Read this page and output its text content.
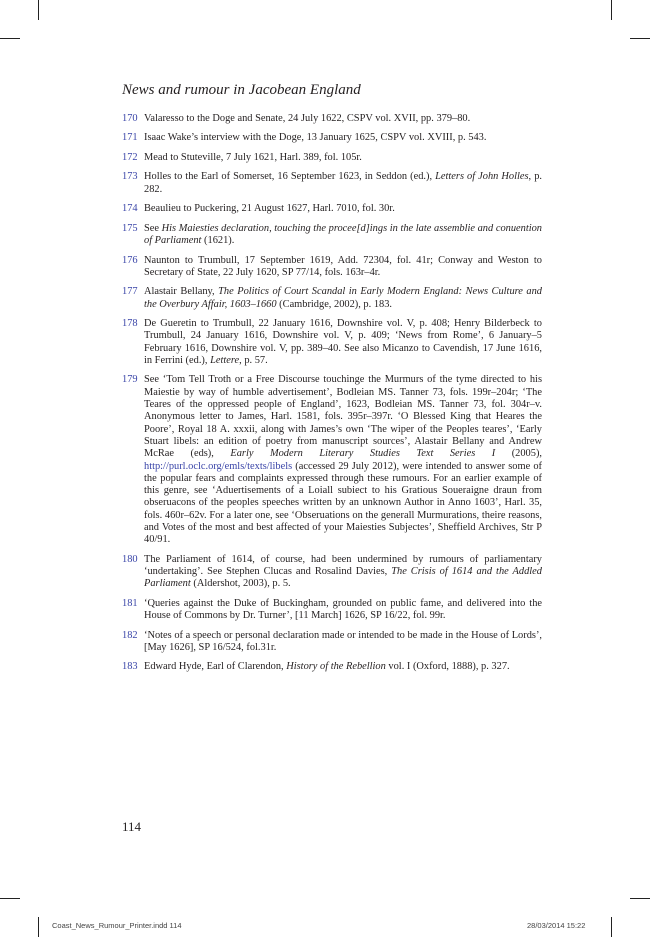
News and rumour in Jacobean England
170 Valaresso to the Doge and Senate, 24 July 1622, CSPV vol. XVII, pp. 379–80.
171 Isaac Wake’s interview with the Doge, 13 January 1625, CSPV vol. XVIII, p. 543.
172 Mead to Stuteville, 7 July 1621, Harl. 389, fol. 105r.
173 Holles to the Earl of Somerset, 16 September 1623, in Seddon (ed.), Letters of John Holles, p. 282.
174 Beaulieu to Puckering, 21 August 1627, Harl. 7010, fol. 30r.
175 See His Maiesties declaration, touching the procee[d]ings in the late assemblie and conuention of Parliament (1621).
176 Naunton to Trumbull, 17 September 1619, Add. 72304, fol. 41r; Conway and Weston to Secretary of State, 22 July 1620, SP 77/14, fols. 163r–4r.
177 Alastair Bellany, The Politics of Court Scandal in Early Modern England: News Culture and the Overbury Affair, 1603–1660 (Cambridge, 2002), p. 183.
178 De Gueretin to Trumbull, 22 January 1616, Downshire vol. V, p. 408; Henry Bilderbeck to Trumbull, 24 January 1616, Downshire vol. V, p. 409; ‘News from Rome’, 6 January–5 February 1616, Downshire vol. V, pp. 389–40. See also Micanzo to Cavendish, 17 June 1616, in Ferrini (ed.), Lettere, p. 57.
179 See ‘Tom Tell Troth or a Free Discourse touchinge the Murmurs of the tyme directed to his Maiestie by way of humble advertisement’, Bodleian MS. Tanner 73, fols. 199r–204r; ‘The Teares of the oppressed people of England’, 1623, Bodleian MS. Tanner 73, fol. 304r–v. Anonymous letter to James, Harl. 1581, fols. 395r–397r. ‘O Blessed King that Heares the Poore’, Royal 18 A. xxxii, along with James’s own ‘The wiper of the Peoples teares’, ‘Early Stuart libels: an edition of poetry from manuscript sources’, Alastair Bellany and Andrew McRae (eds), Early Modern Literary Studies Text Series I (2005), http://purl.oclc.org/emls/texts/libels (accessed 29 July 2012), were intended to answer some of the popular fears and complaints expressed through these rumours. For an earlier example of this genre, see ‘Aduertisements of a Loiall subiect to his Gratious Soueraigne draun from obseruacons of the peoples speeches written by an unknown Author in Anno 1603’, Harl. 35, fols. 460r–62v. For a later one, see ‘Obseruations on the generall Murmurations, theire reasons, and Votes of the most and best affected of your Maiesties Subjectes’, Sheffield Archives, Str P 40/91.
180 The Parliament of 1614, of course, had been undermined by rumours of parliamentary ‘undertaking’. See Stephen Clucas and Rosalind Davies, The Crisis of 1614 and the Addled Parliament (Aldershot, 2003), p. 5.
181 ‘Queries against the Duke of Buckingham, grounded on public fame, and delivered into the House of Commons by Dr. Turner’, [11 March] 1626, SP 16/22, fol. 99r.
182 ‘Notes of a speech or personal declaration made or intended to be made in the House of Lords’, [May 1626], SP 16/524, fol.31r.
183 Edward Hyde, Earl of Clarendon, History of the Rebellion vol. I (Oxford, 1888), p. 327.
114
Coast_News_Rumour_Printer.indd 114	28/03/2014 15:22
